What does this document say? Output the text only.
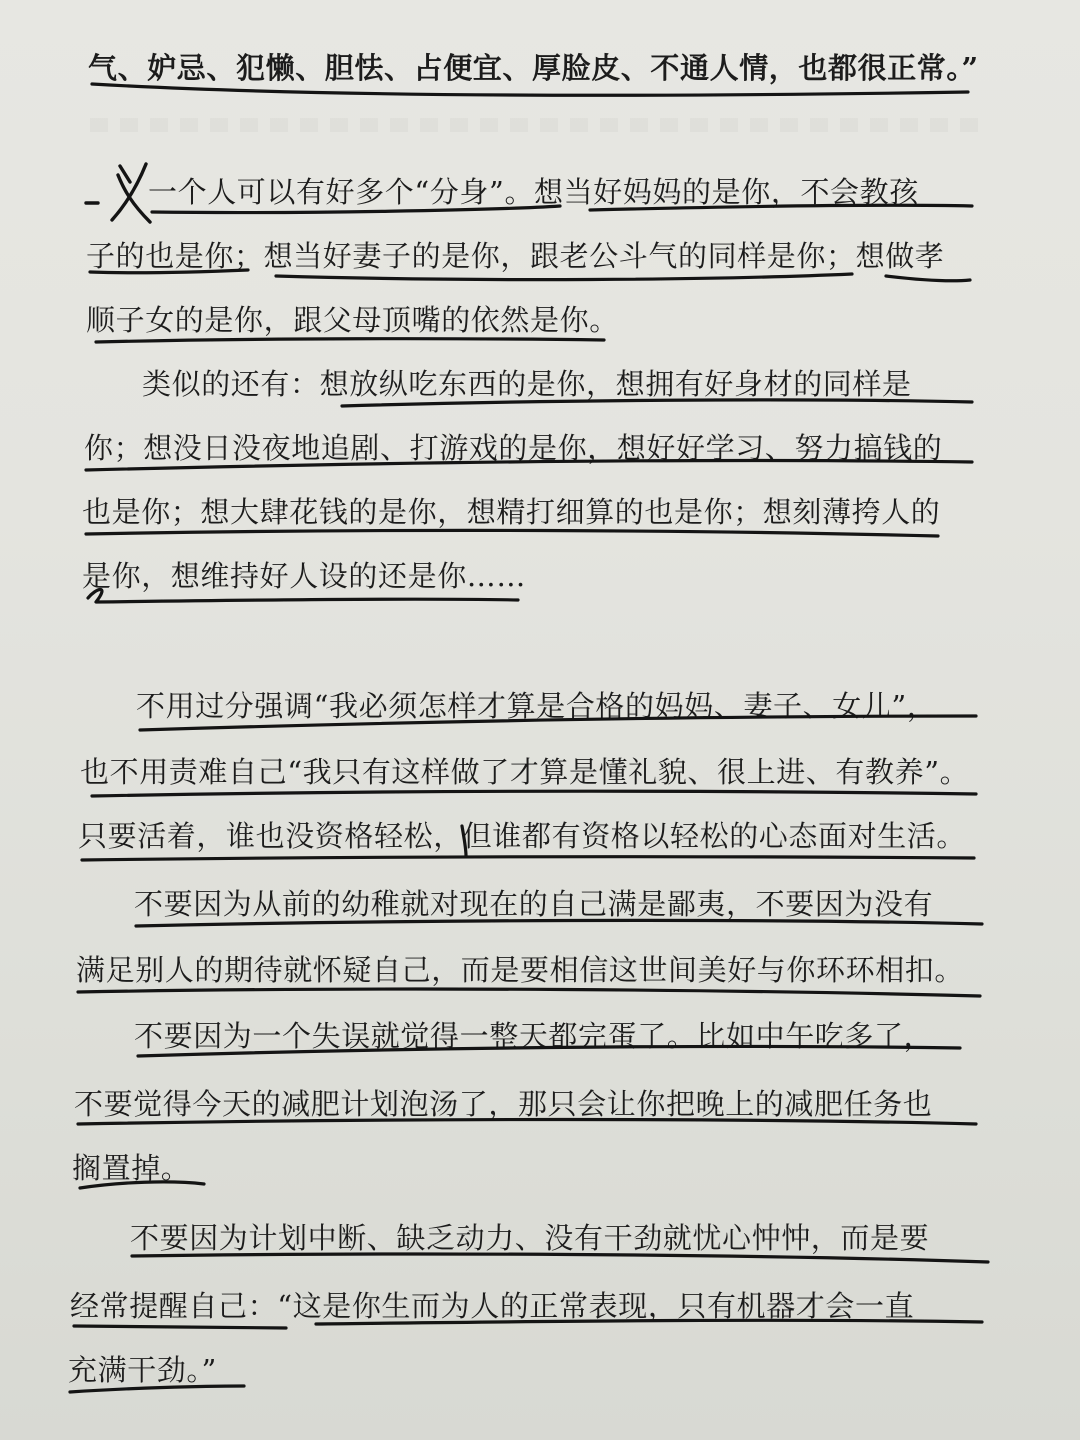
气、妒忌、犯懒、胆怯、占便宜、厚脸皮、不通人情，也都很正常。”
一个人可以有好多个“分身”。想当好妈妈的是你，不会教孩
子的也是你；想当好妻子的是你，跟老公斗气的同样是你；想做孝
顺子女的是你，跟父母顶嘴的依然是你。
类似的还有：想放纵吃东西的是你，想拥有好身材的同样是
你；想没日没夜地追剧、打游戏的是你，想好好学习、努力搞钱的
也是你；想大肆花钱的是你，想精打细算的也是你；想刻薄挎人的
是你，想维持好人设的还是你……
不用过分强调“我必须怎样才算是合格的妈妈、妻子、女儿”，
也不用责难自己“我只有这样做了才算是懂礼貌、很上进、有教养”。
只要活着，谁也没资格轻松，但谁都有资格以轻松的心态面对生活。
不要因为从前的幼稚就对现在的自己满是鄙夷，不要因为没有
满足别人的期待就怀疑自己，而是要相信这世间美好与你环环相扣。
不要因为一个失误就觉得一整天都完蛋了。比如中午吃多了，
不要觉得今天的减肥计划泡汤了，那只会让你把晚上的减肥任务也
搁置掉。
不要因为计划中断、缺乏动力、没有干劲就忧心忡忡，而是要
经常提醒自己：“这是你生而为人的正常表现，只有机器才会一直
充满干劲。”
